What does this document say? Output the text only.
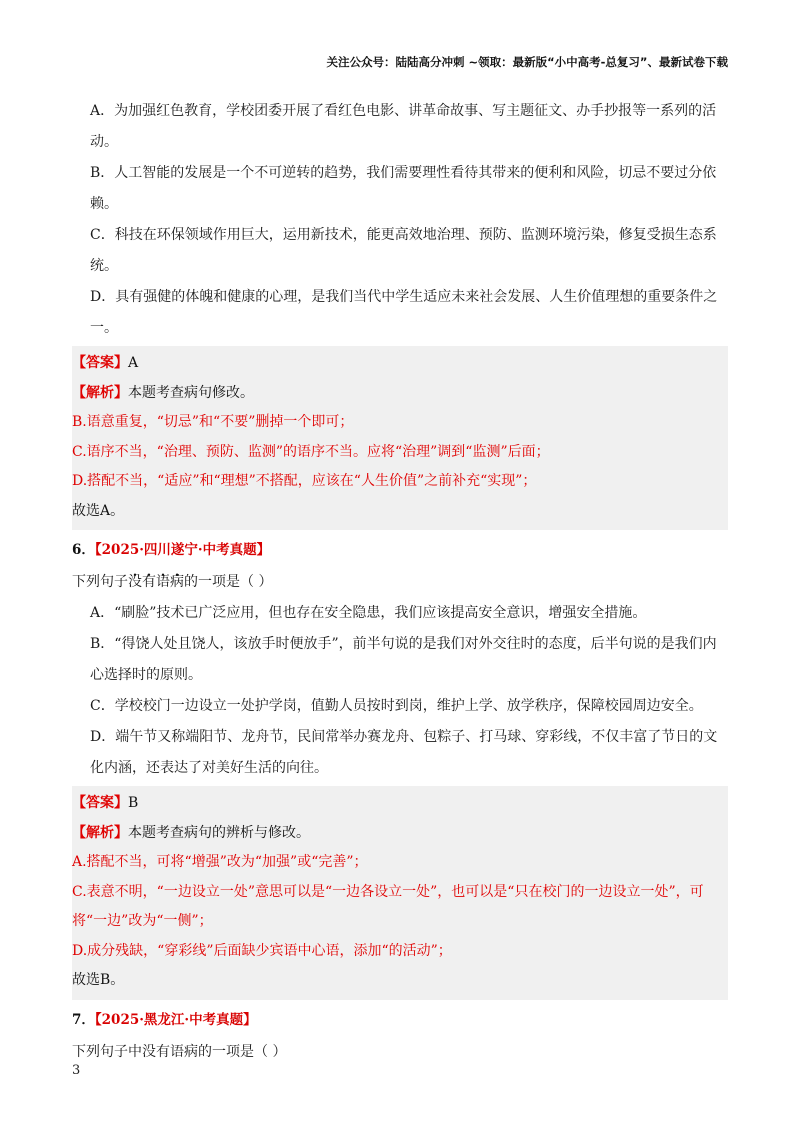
关注公众号：陆陆高分冲刺 ~领取：最新版“小中高考-总复习”、最新试卷下载

A．为加强红色教育，学校团委开展了看红色电影、讲革命故事、写主题征文、办手抄报等一系列的活动。

B．人工智能的发展是一个不可逆转的趋势，我们需要理性看待其带来的便利和风险，切忌不要过分依赖。

C．科技在环保领域作用巨大，运用新技术，能更高效地治理、预防、监测环境污染，修复受损生态系统。

D．具有强健的体魄和健康的心理，是我们当代中学生适应未来社会发展、人生价值理想的重要条件之一。

【答案】A

【解析】本题考查病句修改。

B.语意重复，“切忌”和“不要”删掉一个即可；

C.语序不当，“治理、预防、监测”的语序不当。应将“治理”调到“监测”后面；

D.搭配不当，“适应”和“理想”不搭配，应该在“人生价值”之前补充“实现”；

故选A。

6．【2025·四川遂宁·中考真题】

下列句子没有语病的一项是（ ）

A．“刷脸”技术已广泛应用，但也存在安全隐患，我们应该提高安全意识，增强安全措施。

B．“得饶人处且饶人，该放手时便放手”，前半句说的是我们对外交往时的态度，后半句说的是我们内心选择时的原则。

C．学校校门一边设立一处护学岗，值勤人员按时到岗，维护上学、放学秩序，保障校园周边安全。

D．端午节又称端阳节、龙舟节，民间常举办赛龙舟、包粽子、打马球、穿彩线，不仅丰富了节日的文化内涵，还表达了对美好生活的向往。

【答案】B

【解析】本题考查病句的辨析与修改。

A.搭配不当，可将“增强”改为“加强”或“完善”；

C.表意不明，“一边设立一处”意思可以是“一边各设立一处”，也可以是“只在校门的一边设立一处”，可将“一边”改为“一侧”；

D.成分残缺，“穿彩线”后面缺少宾语中心语，添加“的活动”；

故选B。

7．【2025·黑龙江·中考真题】

下列句子中没有语病的一项是（ ）

3
